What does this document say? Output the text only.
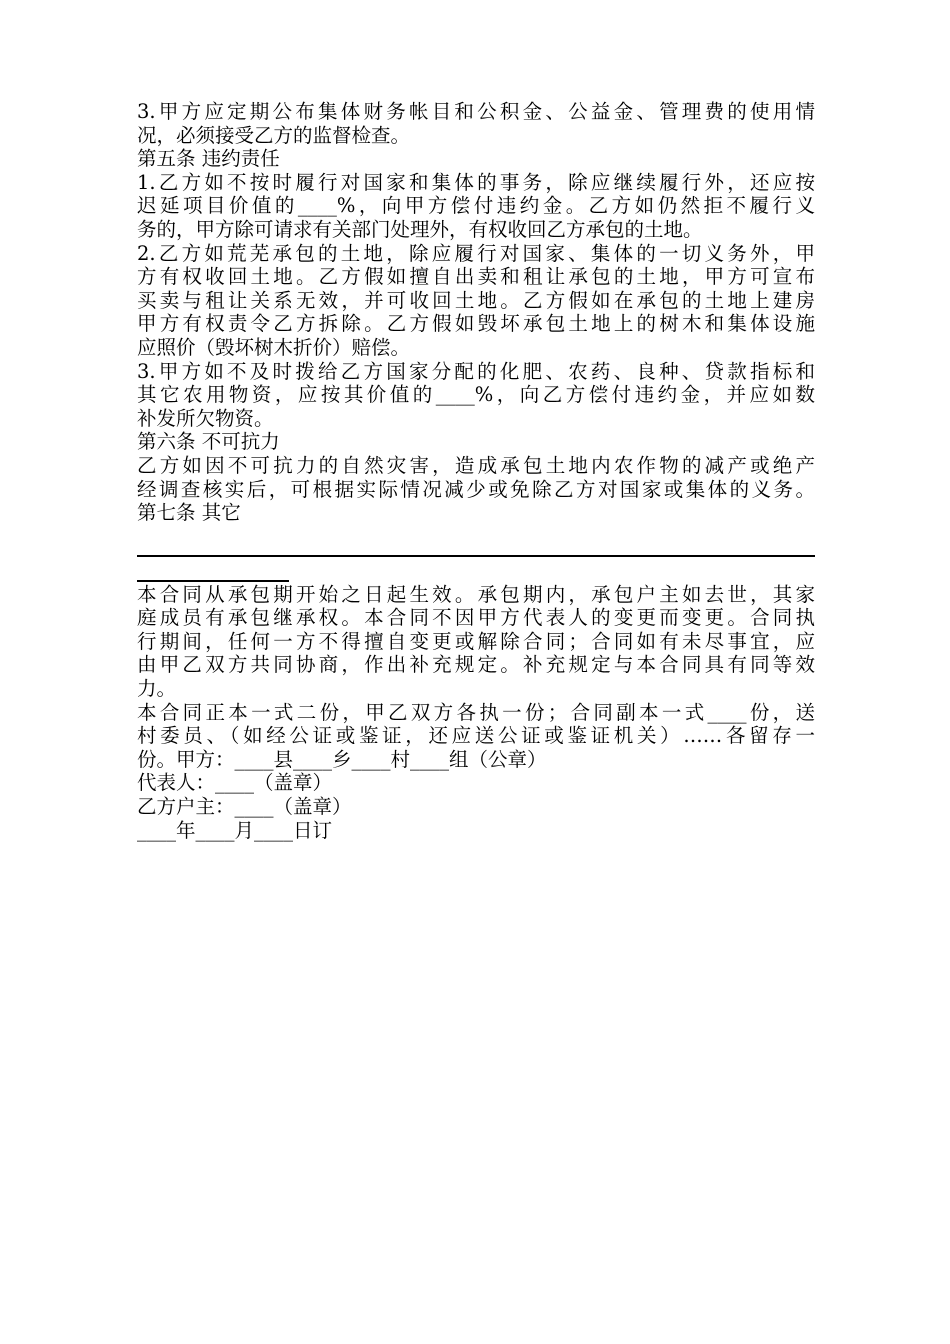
3.甲方应定期公布集体财务帐目和公积金、公益金、管理费的使用情
况，必须接受乙方的监督检查。
第五条 违约责任
1.乙方如不按时履行对国家和集体的事务，除应继续履行外，还应按
迟延项目价值的____%，向甲方偿付违约金。乙方如仍然拒不履行义
务的，甲方除可请求有关部门处理外，有权收回乙方承包的土地。
2.乙方如荒芜承包的土地，除应履行对国家、集体的一切义务外，甲
方有权收回土地。乙方假如擅自出卖和租让承包的土地，甲方可宣布
买卖与租让关系无效，并可收回土地。乙方假如在承包的土地上建房
甲方有权责令乙方拆除。乙方假如毁坏承包土地上的树木和集体设施
应照价（毁坏树木折价）赔偿。
3.甲方如不及时拨给乙方国家分配的化肥、农药、良种、贷款指标和
其它农用物资，应按其价值的____%，向乙方偿付违约金，并应如数
补发所欠物资。
第六条 不可抗力
乙方如因不可抗力的自然灾害，造成承包土地内农作物的减产或绝产
经调查核实后，可根据实际情况减少或免除乙方对国家或集体的义务。
第七条 其它
本合同从承包期开始之日起生效。承包期内，承包户主如去世，其家
庭成员有承包继承权。本合同不因甲方代表人的变更而变更。合同执
行期间，任何一方不得擅自变更或解除合同；合同如有未尽事宜，应
由甲乙双方共同协商，作出补充规定。补充规定与本合同具有同等效
力。
本合同正本一式二份，甲乙双方各执一份；合同副本一式____份，送
村委员、（如经公证或鉴证，还应送公证或鉴证机关）……各留存一
份。甲方：____县____乡____村____组（公章）
代表人：____（盖章）
乙方户主：____（盖章）
____年____月____日订
